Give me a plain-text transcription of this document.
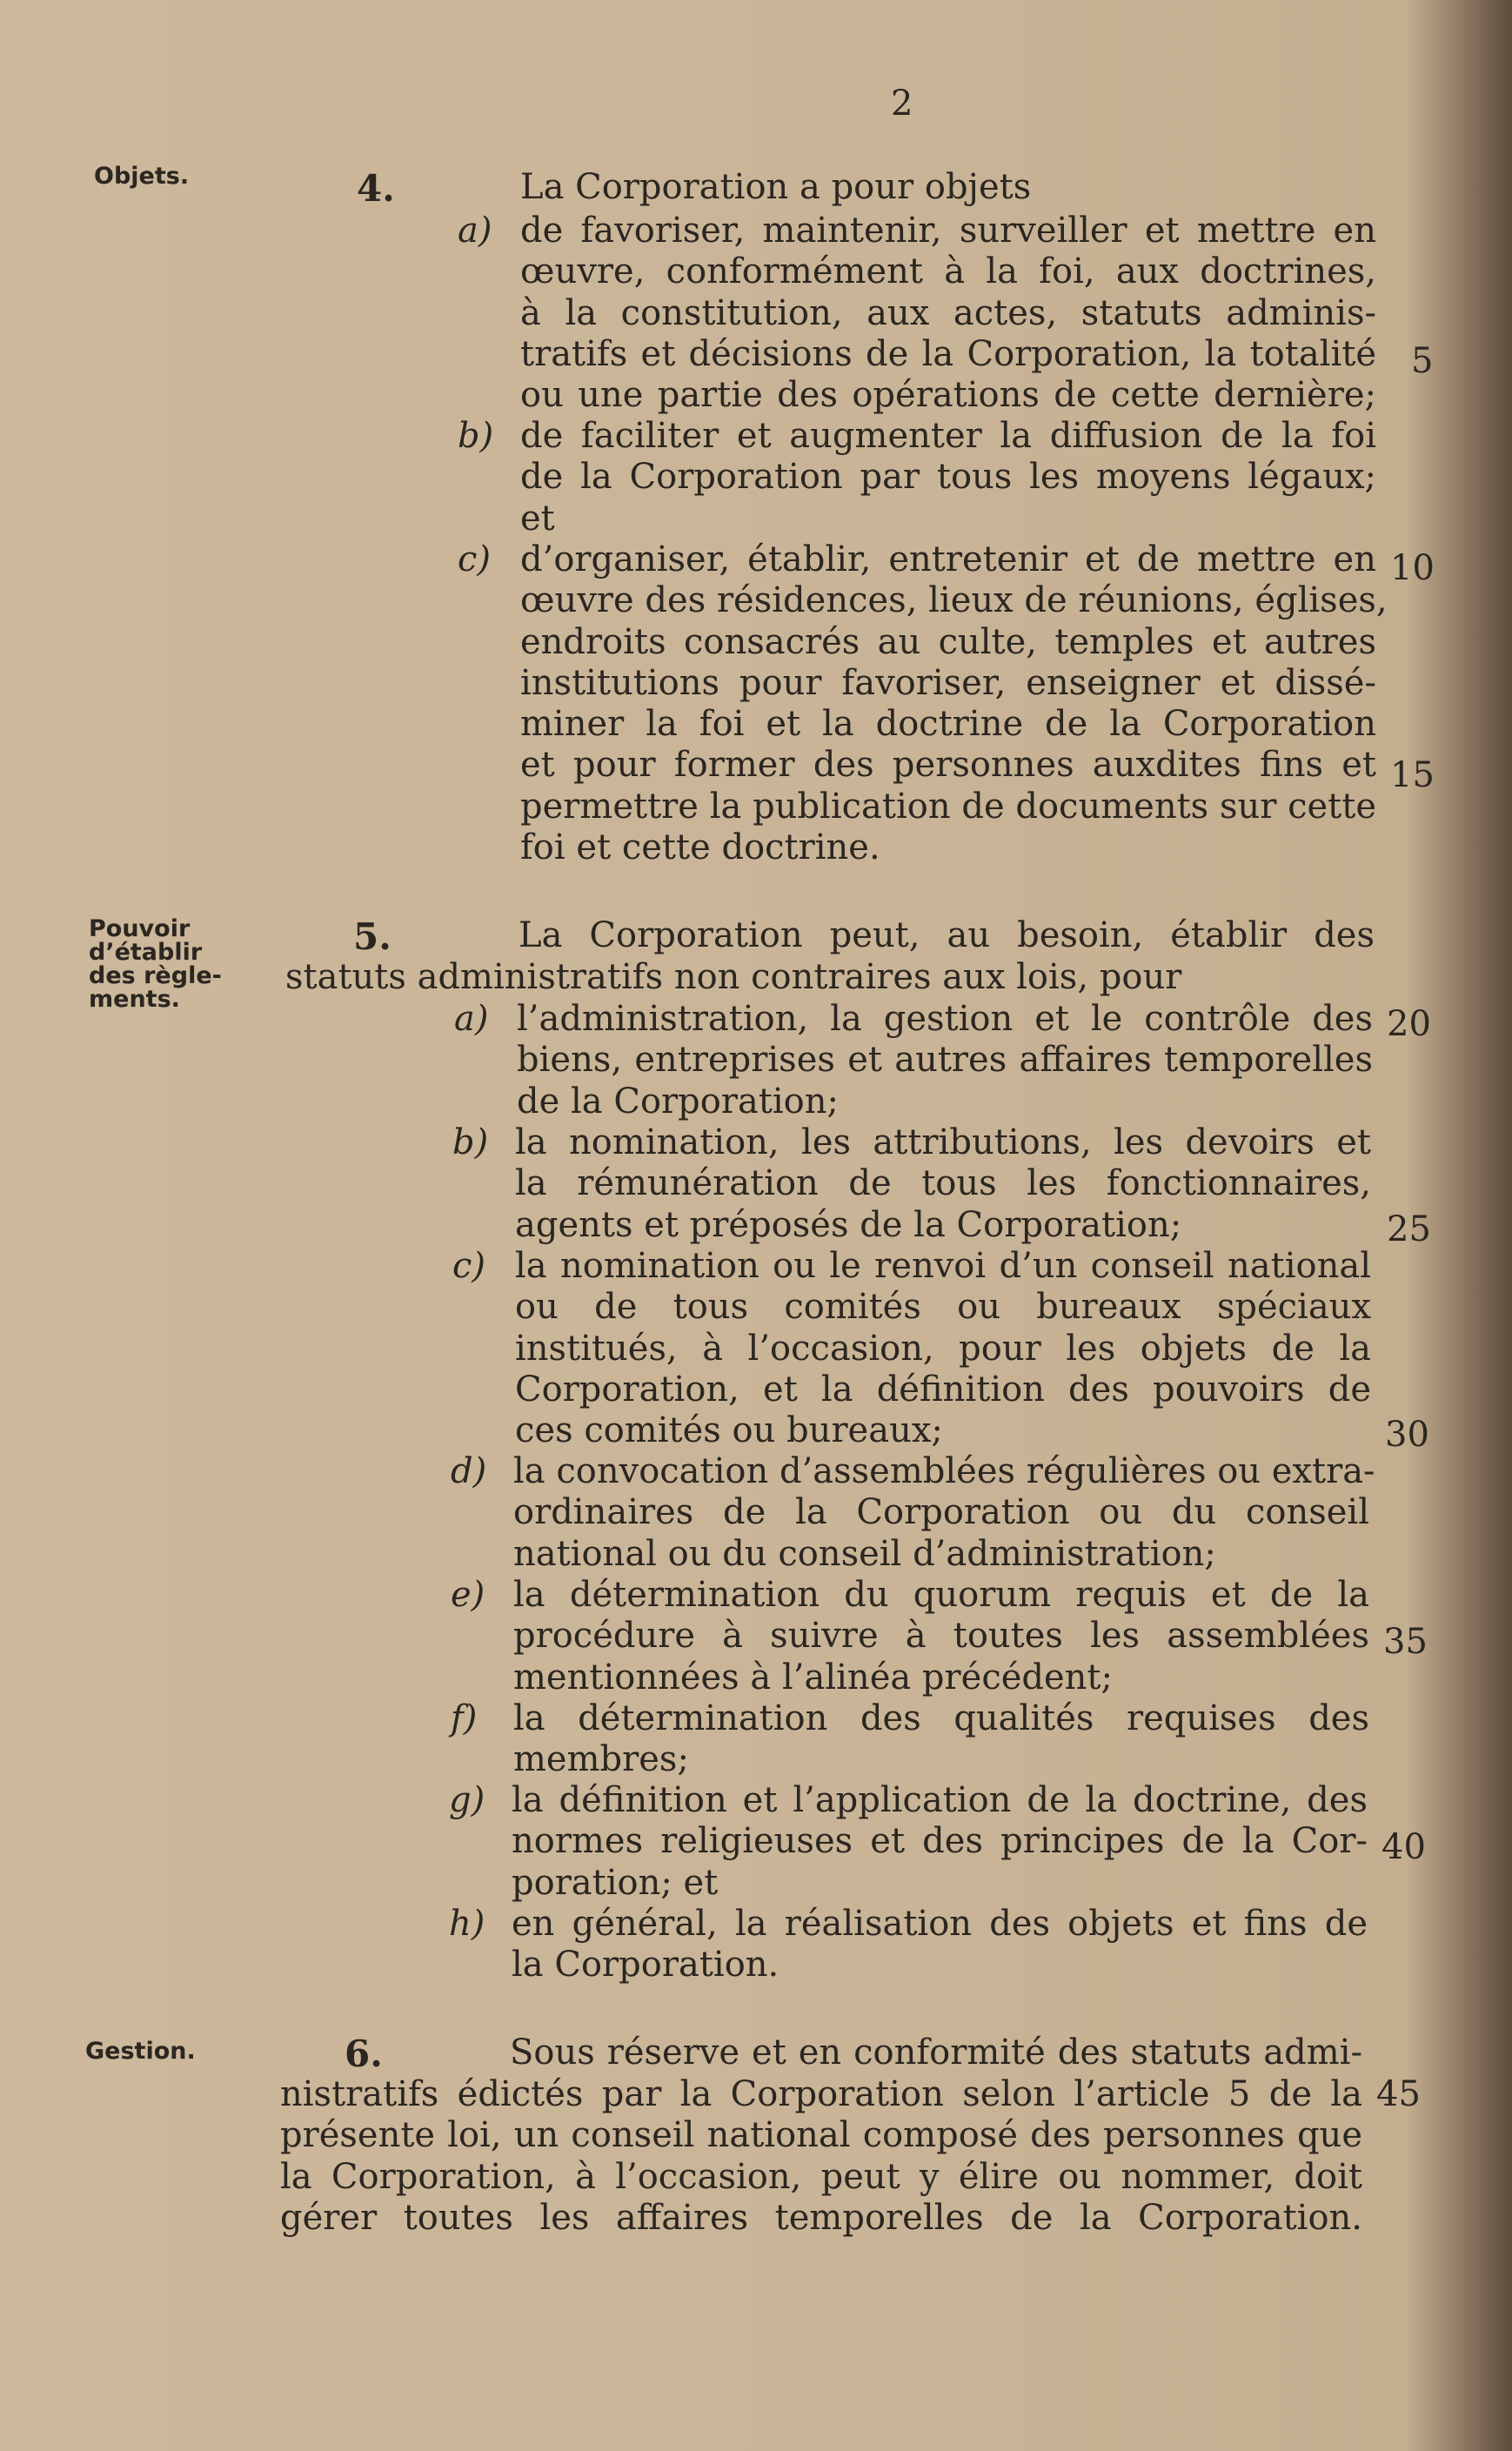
2
Objets.
Pouvoir
d’établir
des règle-
ments.
Gestion.
5
10
15
20
25
30
35
40
45
4.	La Corporation a pour objets
a) de favoriser, maintenir, surveiller et mettre en
œuvre, conformément à la foi, aux doctrines,
à la constitution, aux actes, statuts adminis-
tratifs et décisions de la Corporation, la totalité
ou une partie des opérations de cette dernière;
b) de faciliter et augmenter la diffusion de la foi
de la Corporation par tous les moyens légaux;
et
c) d’organiser, établir, entretenir et de mettre en
œuvre des résidences, lieux de réunions, églises,
endroits consacrés au culte, temples et autres
institutions pour favoriser, enseigner et dissé-
miner la foi et la doctrine de la Corporation
et pour former des personnes auxdites fins et
permettre la publication de documents sur cette
foi et cette doctrine.
5.	La Corporation peut, au besoin, établir des
statuts administratifs non contraires aux lois, pour
a) l’administration, la gestion et le contrôle des
biens, entreprises et autres affaires temporelles
de la Corporation;
b) la nomination, les attributions, les devoirs et
la rémunération de tous les fonctionnaires,
agents et préposés de la Corporation;
c) la nomination ou le renvoi d’un conseil national
ou de tous comités ou bureaux spéciaux
institués, à l’occasion, pour les objets de la
Corporation, et la définition des pouvoirs de
ces comités ou bureaux;
d) la convocation d’assemblées régulières ou extra-
ordinaires de la Corporation ou du conseil
national ou du conseil d’administration;
e) la détermination du quorum requis et de la
procédure à suivre à toutes les assemblées
mentionnées à l’alinéa précédent;
f) la détermination des qualités requises des
membres;
g) la définition et l’application de la doctrine, des
normes religieuses et des principes de la Cor-
poration; et
h) en général, la réalisation des objets et fins de
la Corporation.
6.	Sous réserve et en conformité des statuts admi-
nistratifs édictés par la Corporation selon l’article 5 de la
présente loi, un conseil national composé des personnes que
la Corporation, à l’occasion, peut y élire ou nommer, doit
gérer toutes les affaires temporelles de la Corporation.
